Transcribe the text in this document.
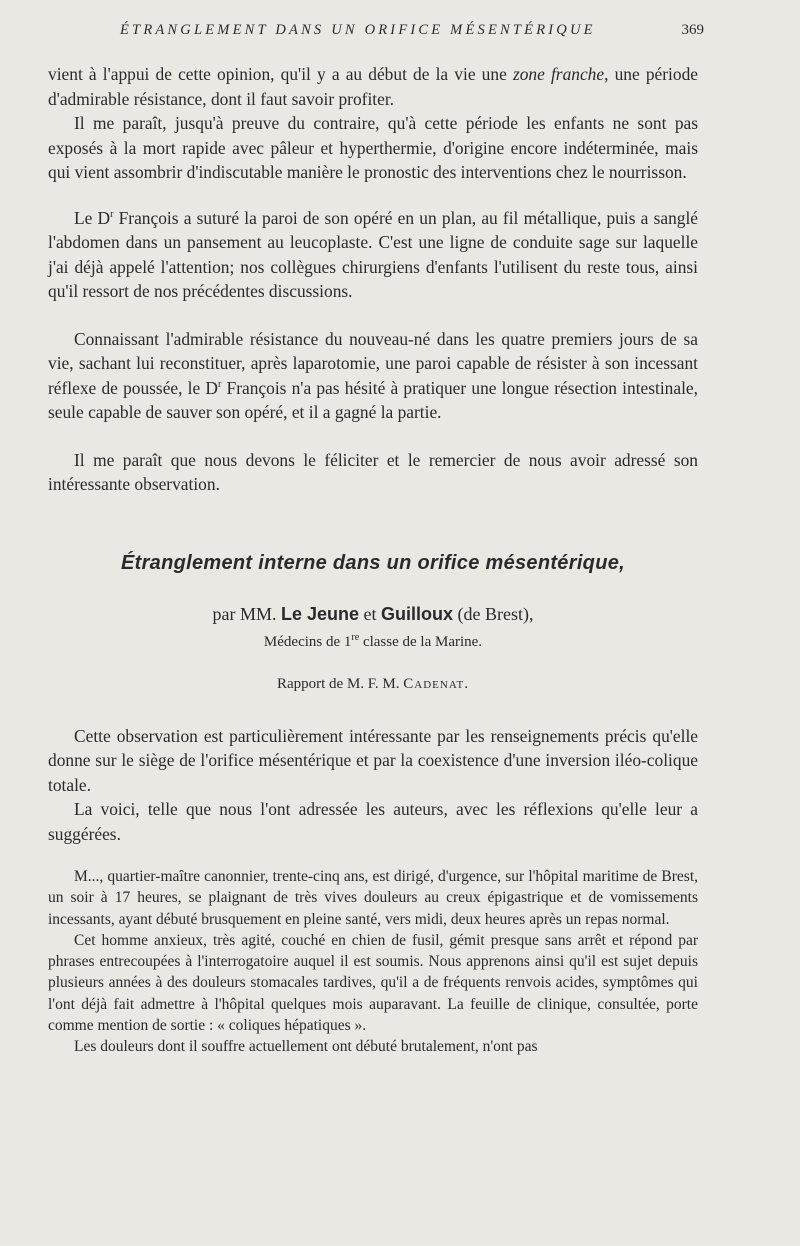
ÉTRANGLEMENT DANS UN ORIFICE MÉSENTÉRIQUE	369

vient à l'appui de cette opinion, qu'il y a au début de la vie une zone franche, une période d'admirable résistance, dont il faut savoir profiter.

Il me paraît, jusqu'à preuve du contraire, qu'à cette période les enfants ne sont pas exposés à la mort rapide avec pâleur et hyperthermie, d'origine encore indéterminée, mais qui vient assombrir d'indiscutable manière le pronostic des interventions chez le nourrisson.

Le $D^r$ François a suturé la paroi de son opéré en un plan, au fil métallique, puis a sanglé l'abdomen dans un pansement au leucoplaste. C'est une ligne de conduite sage sur laquelle j'ai déjà appelé l'attention; nos collègues chirurgiens d'enfants l'utilisent du reste tous, ainsi qu'il ressort de nos précédentes discussions.

Connaissant l'admirable résistance du nouveau-né dans les quatre premiers jours de sa vie, sachant lui reconstituer, après laparotomie, une paroi capable de résister à son incessant réflexe de poussée, le $D^r$ François n'a pas hésité à pratiquer une longue résection intestinale, seule capable de sauver son opéré, et il a gagné la partie.

Il me paraît que nous devons le féliciter et le remercier de nous avoir adressé son intéressante observation.

Étranglement interne dans un orifice mésentérique,
par MM. Le Jeune et Guilloux (de Brest),
Médecins de 1re classe de la Marine.
Rapport de M. F. M. Cadenat.

Cette observation est particulièrement intéressante par les renseignements précis qu'elle donne sur le siège de l'orifice mésentérique et par la coexistence d'une inversion iléo-colique totale.

La voici, telle que nous l'ont adressée les auteurs, avec les réflexions qu'elle leur a suggérées.

M..., quartier-maître canonnier, trente-cinq ans, est dirigé, d'urgence, sur l'hôpital maritime de Brest, un soir à 17 heures, se plaignant de très vives douleurs au creux épigastrique et de vomissements incessants, ayant débuté brusquement en pleine santé, vers midi, deux heures après un repas normal.

Cet homme anxieux, très agité, couché en chien de fusil, gémit presque sans arrêt et répond par phrases entrecoupées à l'interrogatoire auquel il est soumis. Nous apprenons ainsi qu'il est sujet depuis plusieurs années à des douleurs stomacales tardives, qu'il a de fréquents renvois acides, symptômes qui l'ont déjà fait admettre à l'hôpital quelques mois auparavant. La feuille de clinique, consultée, porte comme mention de sortie : « coliques hépatiques ».

Les douleurs dont il souffre actuellement ont débuté brutalement, n'ont pas
